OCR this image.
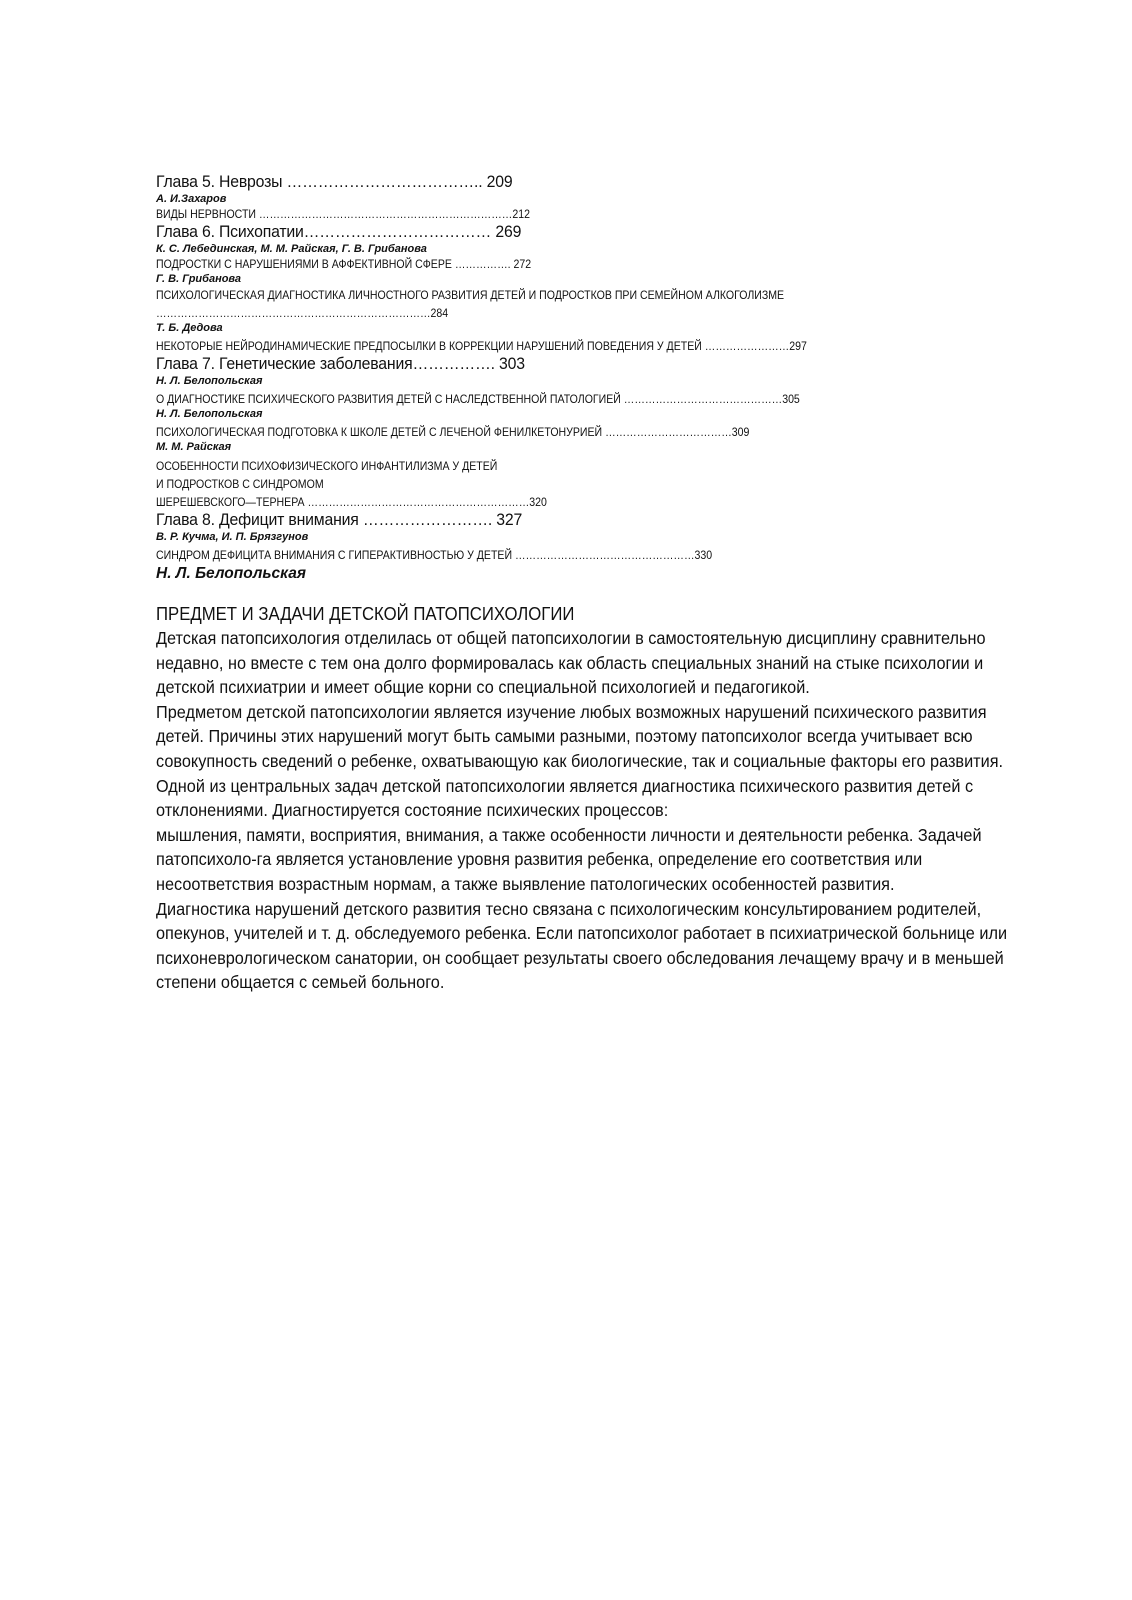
Глава 5. Неврозы ……………………………….. 209
А. И.Захаров
ВИДЫ НЕРВНОСТИ ………………………………………………………………212
Глава 6. Психопатии……………………………… 269
К. С. Лебединская, М. М. Райская, Г. В. Грибанова
ПОДРОСТКИ С НАРУШЕНИЯМИ В АФФЕКТИВНОЙ СФЕРЕ ……………. 272
Г. В. Грибанова
ПСИХОЛОГИЧЕСКАЯ ДИАГНОСТИКА ЛИЧНОСТНОГО РАЗВИТИЯ ДЕТЕЙ И ПОДРОСТКОВ ПРИ СЕМЕЙНОМ АЛКОГОЛИЗМЕ
……………………………………………………………………284
Т. Б. Дедова
НЕКОТОРЫЕ НЕЙРОДИНАМИЧЕСКИЕ ПРЕДПОСЫЛКИ В КОРРЕКЦИИ НАРУШЕНИЙ ПОВЕДЕНИЯ У ДЕТЕЙ ……………………297
Глава 7. Генетические заболевания……………. 303
Н. Л. Белопольская
О ДИАГНОСТИКЕ ПСИХИЧЕСКОГО РАЗВИТИЯ ДЕТЕЙ С НАСЛЕДСТВЕННОЙ ПАТОЛОГИЕЙ ………………………………………305
Н. Л. Белопольская
ПСИХОЛОГИЧЕСКАЯ ПОДГОТОВКА К ШКОЛЕ ДЕТЕЙ С ЛЕЧЕНОЙ ФЕНИЛКЕТОНУРИЕЙ ………………………………309
М. М. Райская
ОСОБЕННОСТИ ПСИХОФИЗИЧЕСКОГО ИНФАНТИЛИЗМА У ДЕТЕЙ
И ПОДРОСТКОВ С СИНДРОМОМ
ШЕРЕШЕВСКОГО—ТЕРНЕРА ………………………………………………………320
Глава 8. Дефицит внимания ……………………. 327
В. Р. Кучма, И. П. Брязгунов
СИНДРОМ ДЕФИЦИТА ВНИМАНИЯ С ГИПЕРАКТИВНОСТЬЮ У ДЕТЕЙ ……………………………………………330
Н. Л. Белопольская
ПРЕДМЕТ И ЗАДАЧИ ДЕТСКОЙ ПАТОПСИХОЛОГИИ
Детская патопсихология отделилась от общей патопсихологии в самостоятельную дисциплину сравнительно недавно, но вместе с тем она долго формировалась как область специальных знаний на стыке психологии и детской психиатрии и имеет общие корни со специальной психологией и педагогикой.
Предметом детской патопсихологии является изучение любых возможных нарушений психического развития детей. Причины этих нарушений могут быть самыми разными, поэтому патопсихолог всегда учитывает всю совокупность сведений о ребенке, охватывающую как биологические, так и социальные факторы его развития.
Одной из центральных задач детской патопсихологии является диагностика психического развития детей с отклонениями. Диагностируется состояние психических процессов:
мышления, памяти, восприятия, внимания, а также особенности личности и деятельности ребенка. Задачей патопсихоло-га является установление уровня развития ребенка, определение его соответствия или несоответствия возрастным нормам, а также выявление патологических особенностей развития.
Диагностика нарушений детского развития тесно связана с психологическим консультированием родителей, опекунов, учителей и т. д. обследуемого ребенка. Если патопсихолог работает в психиатрической больнице или психоневрологическом санатории, он сообщает результаты своего обследования лечащему врачу и в меньшей степени общается с семьей больного.
